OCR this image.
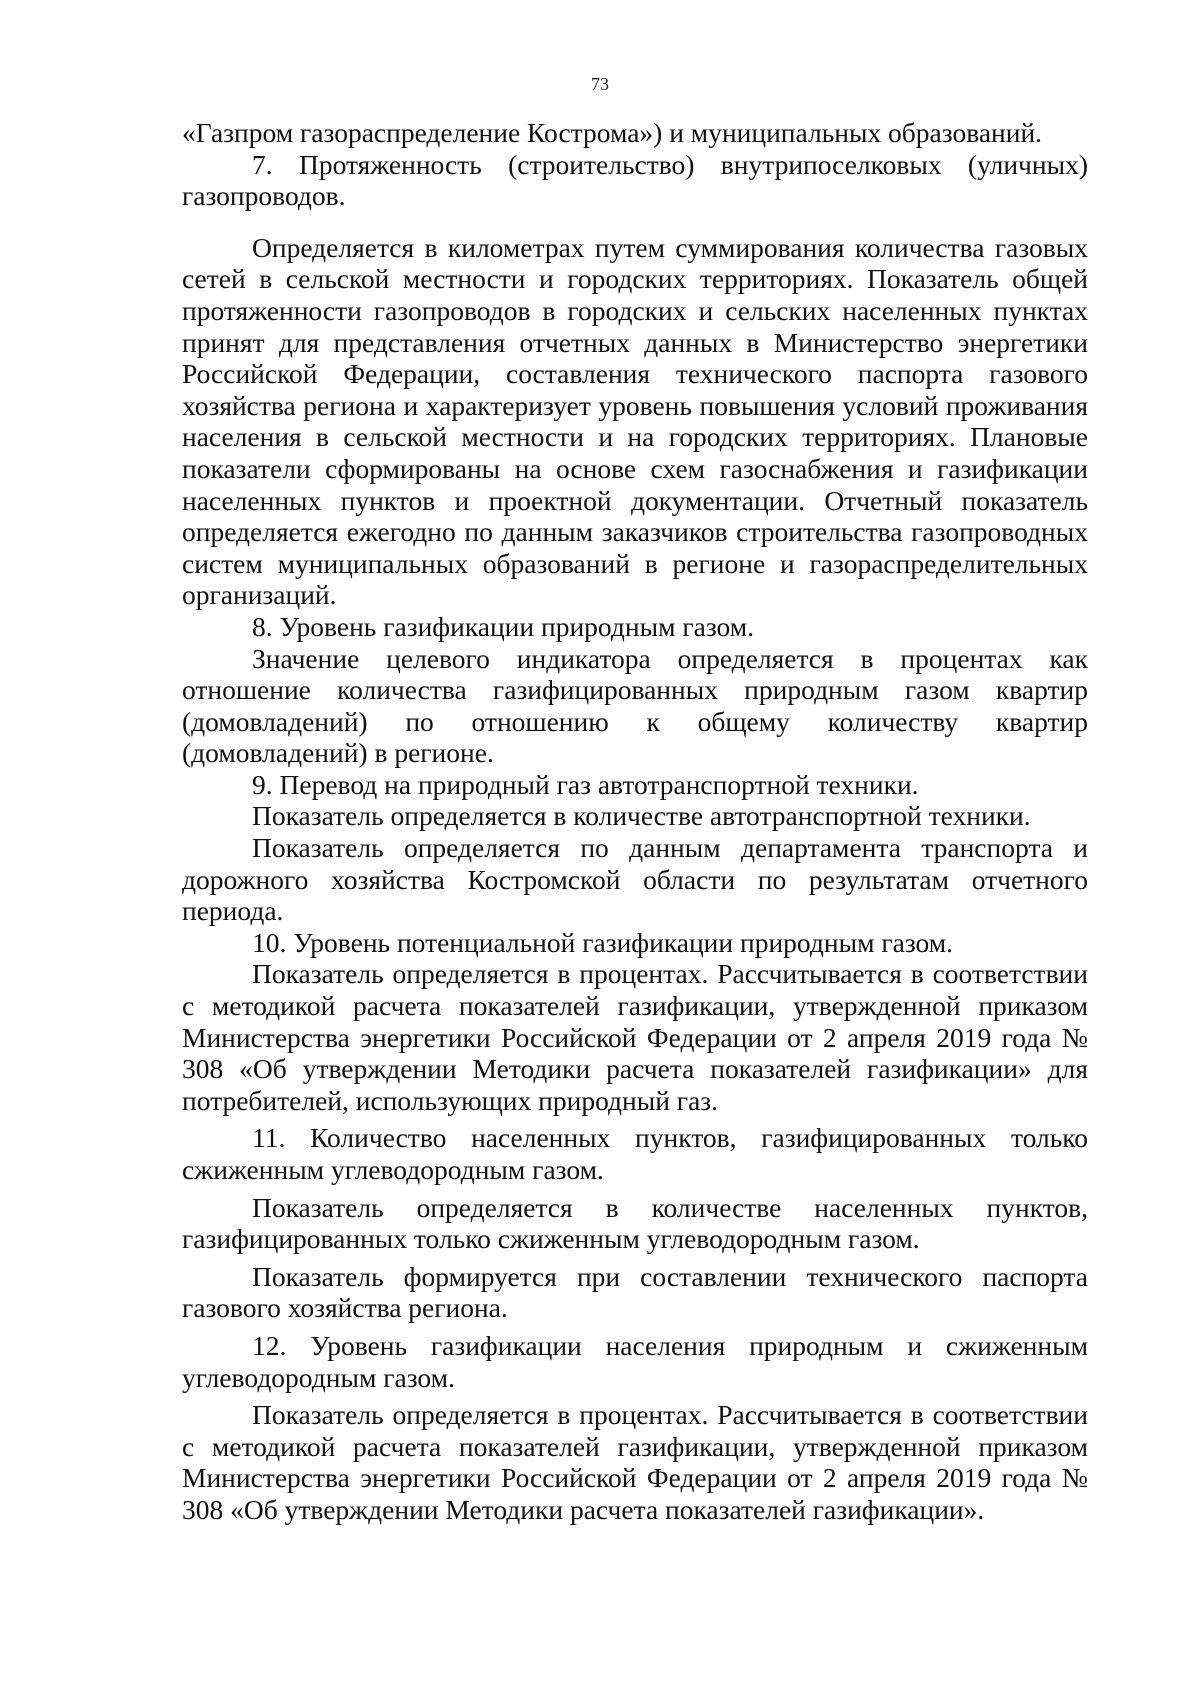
73

«Газпром газораспределение Кострома») и муниципальных образований.

7. Протяженность (строительство) внутрипоселковых (уличных) газопроводов.

Определяется в километрах путем суммирования количества газовых сетей в сельской местности и городских территориях. Показатель общей протяженности газопроводов в городских и сельских населенных пунктах принят для представления отчетных данных в Министерство энергетики Российской Федерации, составления технического паспорта газового хозяйства региона и характеризует уровень повышения условий проживания населения в сельской местности и на городских территориях. Плановые показатели сформированы на основе схем газоснабжения и газификации населенных пунктов и проектной документации. Отчетный показатель определяется ежегодно по данным заказчиков строительства газопроводных систем муниципальных образований в регионе и газораспределительных организаций.

8. Уровень газификации природным газом.

Значение целевого индикатора определяется в процентах как отношение количества газифицированных природным газом квартир (домовладений) по отношению к общему количеству квартир (домовладений) в регионе.

9. Перевод на природный газ автотранспортной техники.

Показатель определяется в количестве автотранспортной техники.

Показатель определяется по данным департамента транспорта и дорожного хозяйства Костромской области по результатам отчетного периода.

10. Уровень потенциальной газификации природным газом.

Показатель определяется в процентах. Рассчитывается в соответствии с методикой расчета показателей газификации, утвержденной приказом Министерства энергетики Российской Федерации от 2 апреля 2019 года № 308 «Об утверждении Методики расчета показателей газификации» для потребителей, использующих природный газ.

11. Количество населенных пунктов, газифицированных только сжиженным углеводородным газом.

Показатель определяется в количестве населенных пунктов, газифицированных только сжиженным углеводородным газом.

Показатель формируется при составлении технического паспорта газового хозяйства региона.

12. Уровень газификации населения природным и сжиженным углеводородным газом.

Показатель определяется в процентах. Рассчитывается в соответствии с методикой расчета показателей газификации, утвержденной приказом Министерства энергетики Российской Федерации от 2 апреля 2019 года № 308 «Об утверждении Методики расчета показателей газификации».
